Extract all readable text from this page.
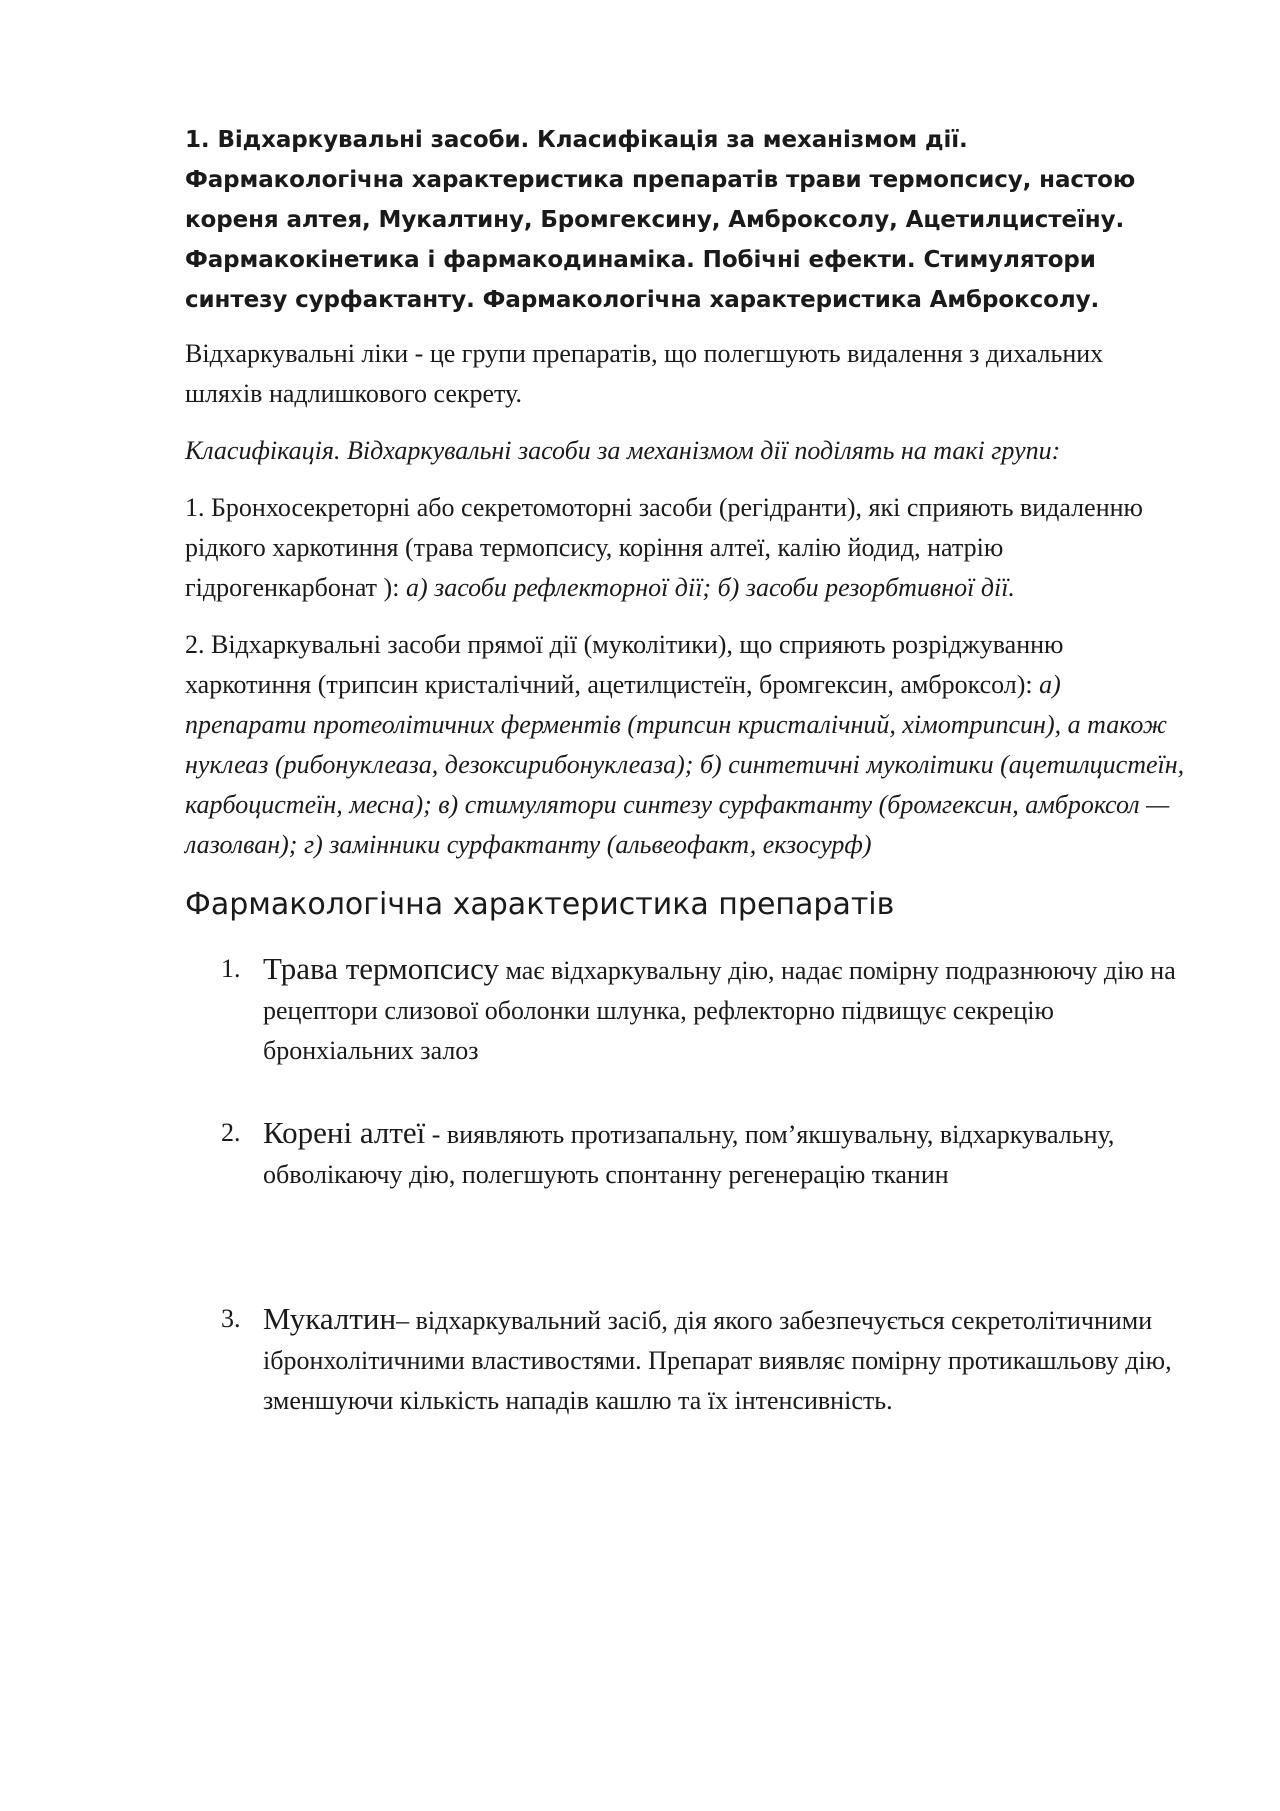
1. Відхаркувальні засоби. Класифікація за механізмом дії. Фармакологічна характеристика препаратів трави термопсису, настою кореня алтея, Мукалтину, Бромгексину, Амброксолу, Ацетилцистеїну. Фармакокінетика і фармакодинаміка. Побічні ефекти. Стимулятори синтезу сурфактанту. Фармакологічна характеристика Амброксолу.

Відхаркувальні ліки - це групи препаратів, що полегшують видалення з дихальних шляхів надлишкового секрету.

Класифікація. Відхаркувальні засоби за механізмом дії поділять на такі групи:

1. Бронхосекреторні або секретомоторні засоби (регідранти), які сприяють видаленню рідкого харкотиння (трава термопсису, коріння алтеї, калію йодид, натрію гідрогенкарбонат ): а) засоби рефлекторної дії; б) засоби резорбтивної дії.

2. Відхаркувальні засоби прямої дії (муколітики), що сприяють розріджуванню харкотиння (трипсин кристалічний, ацетилцистеїн, бромгексин, амброксол): а) препарати протеолітичних ферментів (трипсин кристалічний, хімотрипсин), а також нуклеаз (рибонуклеаза, дезоксирибонуклеаза); б) синтетичні муколітики (ацетилцистеїн, карбоцистеїн, месна); в) стимулятори синтезу сурфактанту (бромгексин, амброксол — лазолван); г) замінники сурфактанту (альвеофакт, екзосурф)

Фармакологічна характеристика препаратів
1. Трава термопсису має відхаркувальну дію, надає помірну подразнюючу дію на рецептори слизової оболонки шлунка, рефлекторно підвищує секрецію бронхіальних залоз
2. Корені алтеї - виявляють протизапальну, пом’якшувальну, відхаркувальну, обволікаючу дію, полегшують спонтанну регенерацію тканин
3. Мукалтин– відхаркувальний засіб, дія якого забезпечується секретолітичними ібронхолітичними властивостями. Препарат виявляє помірну протикашльову дію, зменшуючи кількість нападів кашлю та їх інтенсивність.
